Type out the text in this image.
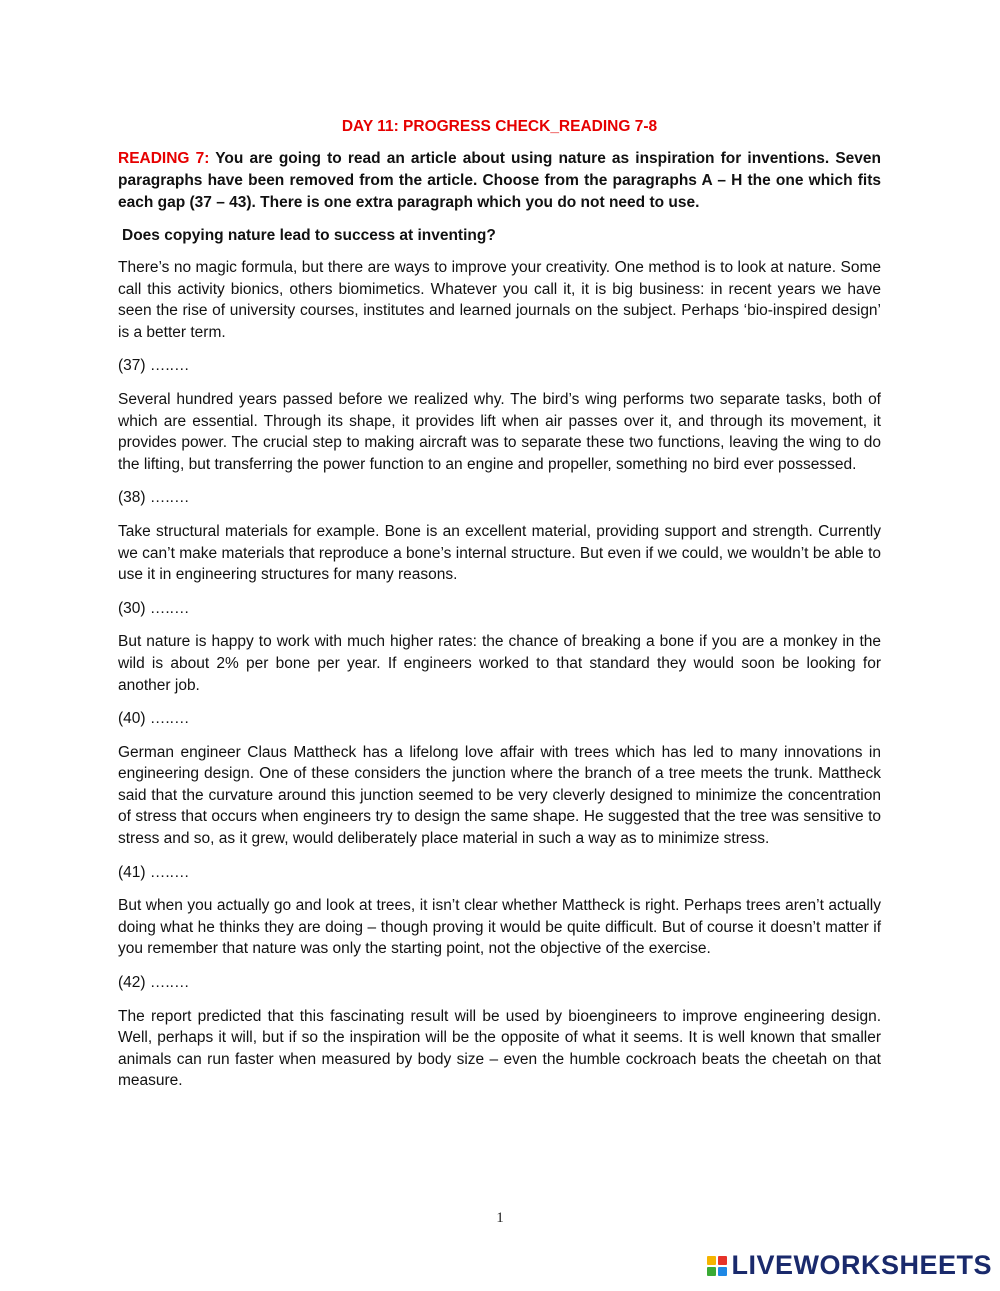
DAY 11: PROGRESS CHECK_READING 7-8

READING 7: You are going to read an article about using nature as inspiration for inventions. Seven paragraphs have been removed from the article. Choose from the paragraphs A – H the one which fits each gap (37 – 43). There is one extra paragraph which you do not need to use.

Does copying nature lead to success at inventing?

There’s no magic formula, but there are ways to improve your creativity. One method is to look at nature. Some call this activity bionics, others biomimetics. Whatever you call it, it is big business: in recent years we have seen the rise of university courses, institutes and learned journals on the subject. Perhaps ‘bio-inspired design’ is a better term.

(37) …..…

Several hundred years passed before we realized why. The bird’s wing performs two separate tasks, both of which are essential. Through its shape, it provides lift when air passes over it, and through its movement, it provides power. The crucial step to making aircraft was to separate these two functions, leaving the wing to do the lifting, but transferring the power function to an engine and propeller, something no bird ever possessed.

(38) …..…

Take structural materials for example. Bone is an excellent material, providing support and strength. Currently we can’t make materials that reproduce a bone’s internal structure. But even if we could, we wouldn’t be able to use it in engineering structures for many reasons.

(30) …..…

But nature is happy to work with much higher rates: the chance of breaking a bone if you are a monkey in the wild is about 2% per bone per year. If engineers worked to that standard they would soon be looking for another job.

(40) …..…

German engineer Claus Mattheck has a lifelong love affair with trees which has led to many innovations in engineering design. One of these considers the junction where the branch of a tree meets the trunk. Mattheck said that the curvature around this junction seemed to be very cleverly designed to minimize the concentration of stress that occurs when engineers try to design the same shape. He suggested that the tree was sensitive to stress and so, as it grew, would deliberately place material in such a way as to minimize stress.

(41) …..…

But when you actually go and look at trees, it isn’t clear whether Mattheck is right. Perhaps trees aren’t actually doing what he thinks they are doing – though proving it would be quite difficult. But of course it doesn’t matter if you remember that nature was only the starting point, not the objective of the exercise.

(42) …..…

The report predicted that this fascinating result will be used by bioengineers to improve engineering design. Well, perhaps it will, but if so the inspiration will be the opposite of what it seems. It is well known that smaller animals can run faster when measured by body size – even the humble cockroach beats the cheetah on that measure.

1
LIVEWORKSHEETS
